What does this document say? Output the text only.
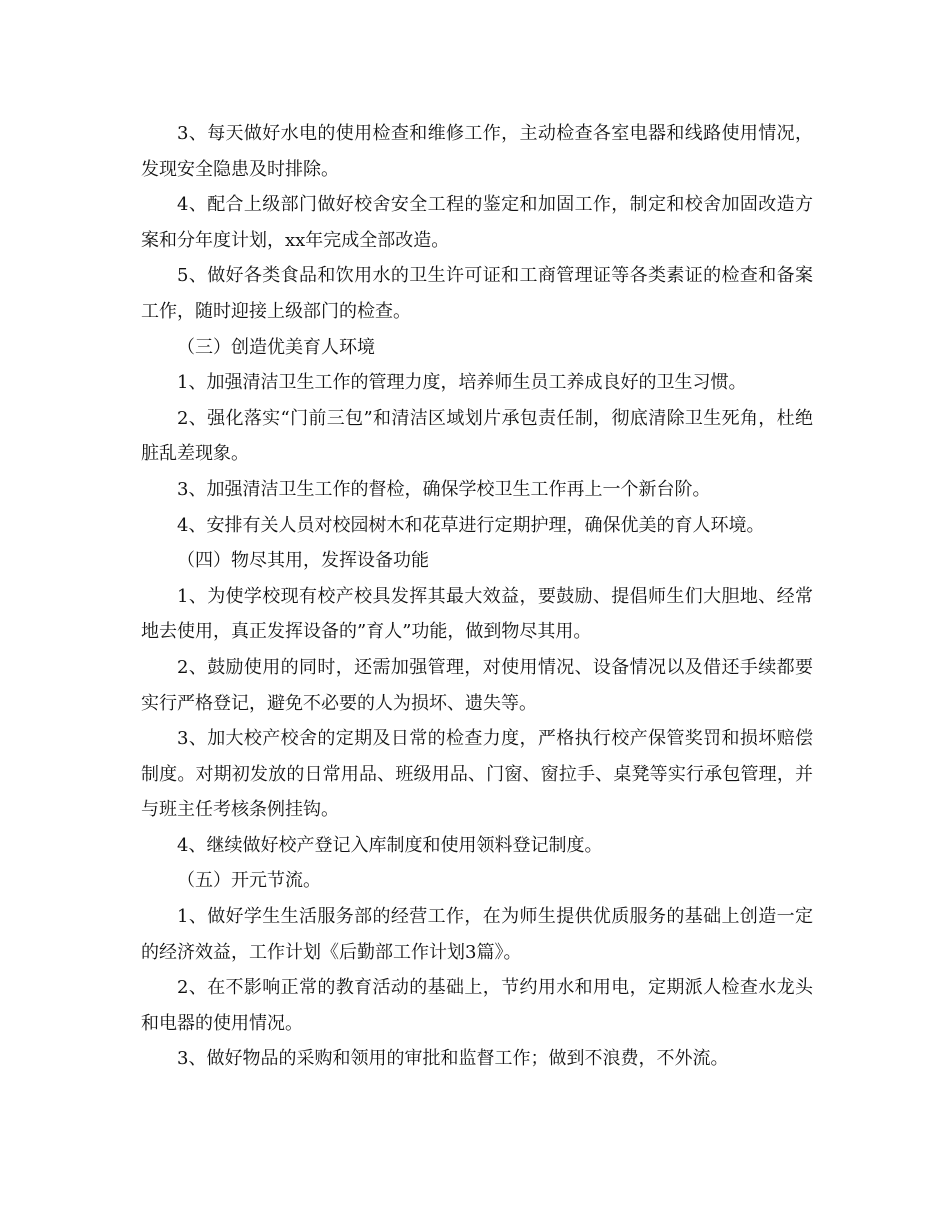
3、每天做好水电的使用检查和维修工作，主动检查各室电器和线路使用情况，发现安全隐患及时排除。

4、配合上级部门做好校舍安全工程的鉴定和加固工作，制定和校舍加固改造方案和分年度计划，xx年完成全部改造。

5、做好各类食品和饮用水的卫生许可证和工商管理证等各类素证的检查和备案工作，随时迎接上级部门的检查。

（三）创造优美育人环境

1、加强清洁卫生工作的管理力度，培养师生员工养成良好的卫生习惯。

2、强化落实“门前三包”和清洁区域划片承包责任制，彻底清除卫生死角，杜绝脏乱差现象。

3、加强清洁卫生工作的督检，确保学校卫生工作再上一个新台阶。

4、安排有关人员对校园树木和花草进行定期护理，确保优美的育人环境。

（四）物尽其用，发挥设备功能

1、为使学校现有校产校具发挥其最大效益，要鼓励、提倡师生们大胆地、经常地去使用，真正发挥设备的”育人”功能，做到物尽其用。

2、鼓励使用的同时，还需加强管理，对使用情况、设备情况以及借还手续都要实行严格登记，避免不必要的人为损坏、遗失等。

3、加大校产校舍的定期及日常的检查力度，严格执行校产保管奖罚和损坏赔偿制度。对期初发放的日常用品、班级用品、门窗、窗拉手、桌凳等实行承包管理，并与班主任考核条例挂钩。

4、继续做好校产登记入库制度和使用领料登记制度。

（五）开元节流。

1、做好学生生活服务部的经营工作，在为师生提供优质服务的基础上创造一定的经济效益，工作计划《后勤部工作计划3篇》。

2、在不影响正常的教育活动的基础上，节约用水和用电，定期派人检查水龙头和电器的使用情况。

3、做好物品的采购和领用的审批和监督工作；做到不浪费，不外流。
